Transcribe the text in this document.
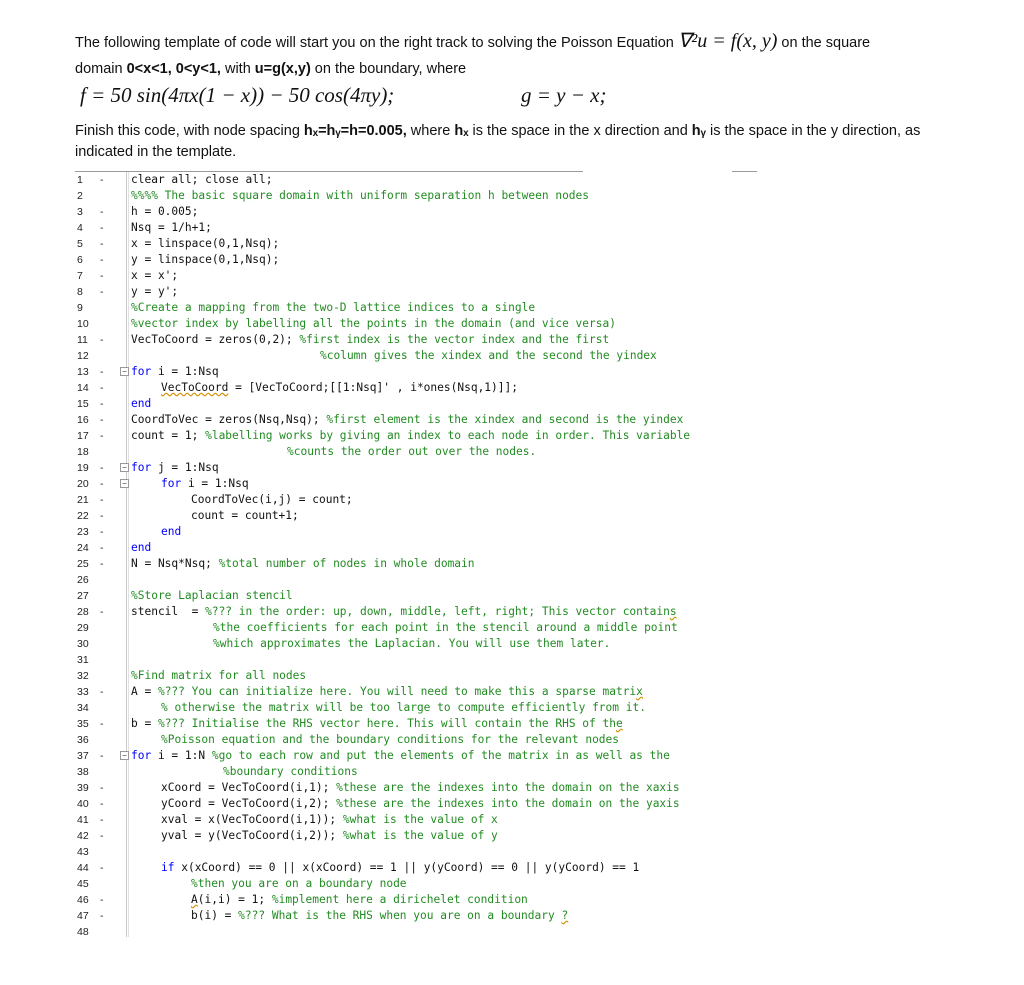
The following template of code will start you on the right track to solving the Poisson Equation ∇²u = f(x, y) on the square
domain 0<x<1, 0<y<1, with u=g(x,y) on the boundary, where
f = 50 sin(4πx(1 − x)) − 50 cos(4πy);	g = y − x;
Finish this code, with node spacing hₓ=hᵧ=h=0.005, where hₓ is the space in the x direction and hᵧ is the space in the y direction, as
indicated in the template.
1	- clear all; close all;
2	%%%% The basic square domain with uniform separation h between nodes
3	- h = 0.005;
4	- Nsq = 1/h+1;
5	- x = linspace(0,1,Nsq);
6	- y = linspace(0,1,Nsq);
7	- x = x';
8	- y = y';
9	%Create a mapping from the two-D lattice indices to a single
10	%vector index by labelling all the points in the domain (and vice versa)
11	- VecToCoord = zeros(0,2); %first index is the vector index and the first
12	%column gives the xindex and the second the yindex
13	- − for i = 1:Nsq
14	-	VecToCoord = [VecToCoord;[[1:Nsq]' , i*ones(Nsq,1)]];
15	- end
16	- CoordToVec = zeros(Nsq,Nsq); %first element is the xindex and second is the yindex
17	- count = 1; %labelling works by giving an index to each node in order. This variable
18	%counts the order out over the nodes.
19	- − for j = 1:Nsq
20	- −	for i = 1:Nsq
21	-	CoordToVec(i,j) = count;
22	-	count = count+1;
23	-	end
24	- end
25	- N = Nsq*Nsq; %total number of nodes in whole domain
26
27	%Store Laplacian stencil
28	- stencil  = %??? in the order: up, down, middle, left, right; This vector contains
29	%the coefficients for each point in the stencil around a middle point
30	%which approximates the Laplacian. You will use them later.
31
32	%Find matrix for all nodes
33	- A = %??? You can initialize here. You will need to make this a sparse matrix
34	% otherwise the matrix will be too large to compute efficiently from it.
35	- b = %??? Initialise the RHS vector here. This will contain the RHS of the
36	%Poisson equation and the boundary conditions for the relevant nodes
37	- − for i = 1:N %go to each row and put the elements of the matrix in as well as the
38	%boundary conditions
39	-	xCoord = VecToCoord(i,1); %these are the indexes into the domain on the xaxis
40	-	yCoord = VecToCoord(i,2); %these are the indexes into the domain on the yaxis
41	-	xval = x(VecToCoord(i,1)); %what is the value of x
42	-	yval = y(VecToCoord(i,2)); %what is the value of y
43
44	-	if x(xCoord) == 0 || x(xCoord) == 1 || y(yCoord) == 0 || y(yCoord) == 1
45	%then you are on a boundary node
46	-	A(i,i) = 1; %implement here a dirichelet condition
47	-	b(i) = %??? What is the RHS when you are on a boundary ?
48
